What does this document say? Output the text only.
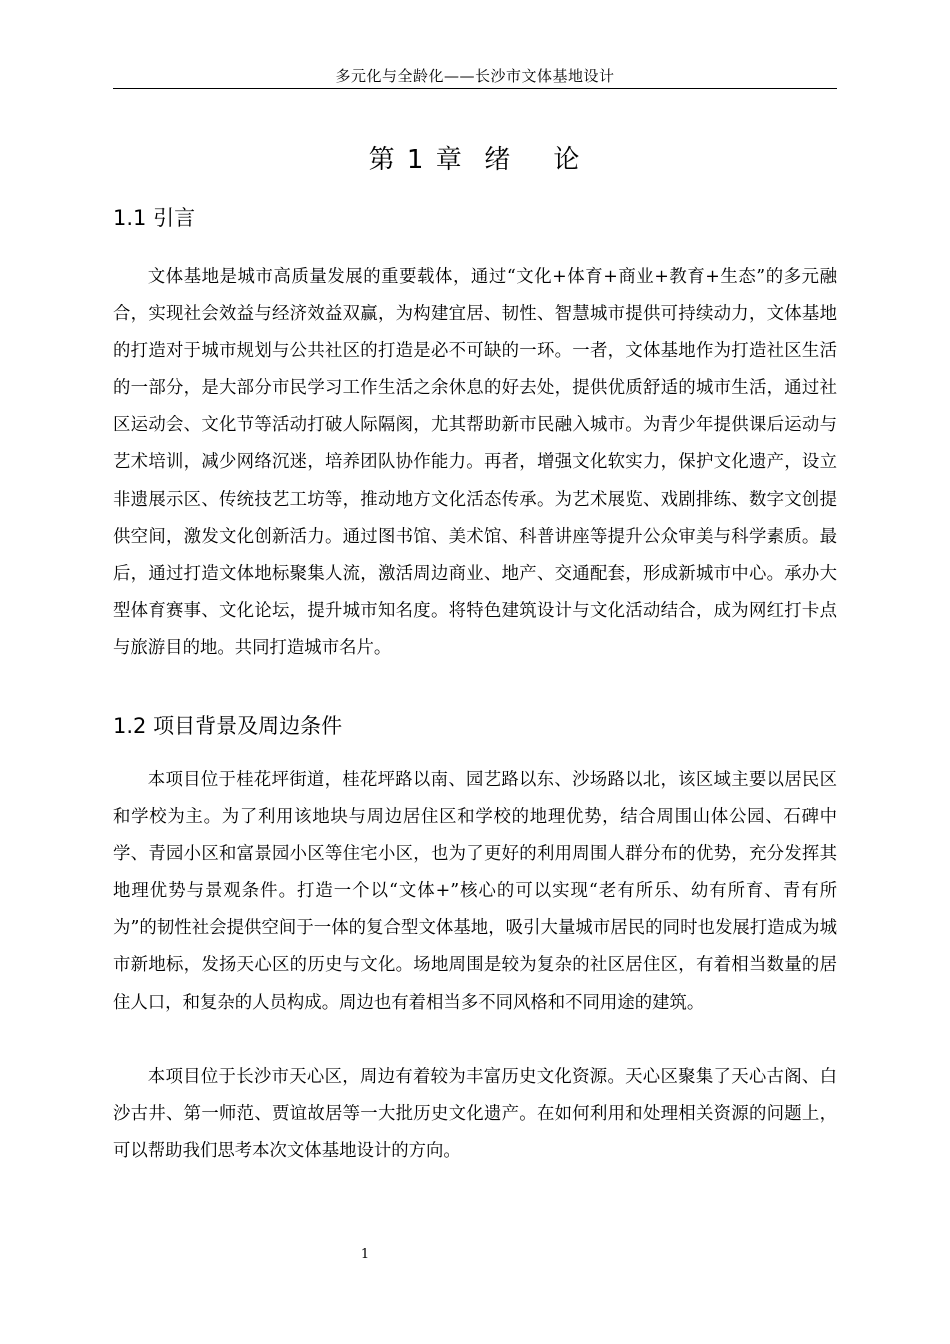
多元化与全龄化——长沙市文体基地设计
第 1 章  绪    论
1.1 引言

文体基地是城市高质量发展的重要载体，通过“文化+体育+商业+教育+生态”的多元融合，实现社会效益与经济效益双赢，为构建宜居、韧性、智慧城市提供可持续动力，文体基地的打造对于城市规划与公共社区的打造是必不可缺的一环。一者，文体基地作为打造社区生活的一部分，是大部分市民学习工作生活之余休息的好去处，提供优质舒适的城市生活，通过社区运动会、文化节等活动打破人际隔阂，尤其帮助新市民融入城市。为青少年提供课后运动与艺术培训，减少网络沉迷，培养团队协作能力。再者，增强文化软实力，保护文化遗产，设立非遗展示区、传统技艺工坊等，推动地方文化活态传承。为艺术展览、戏剧排练、数字文创提供空间，激发文化创新活力。通过图书馆、美术馆、科普讲座等提升公众审美与科学素质。最后，通过打造文体地标聚集人流，激活周边商业、地产、交通配套，形成新城市中心。承办大型体育赛事、文化论坛，提升城市知名度。将特色建筑设计与文化活动结合，成为网红打卡点与旅游目的地。共同打造城市名片。

1.2 项目背景及周边条件

本项目位于桂花坪街道，桂花坪路以南、园艺路以东、沙场路以北，该区域主要以居民区和学校为主。为了利用该地块与周边居住区和学校的地理优势，结合周围山体公园、石碑中学、青园小区和富景园小区等住宅小区，也为了更好的利用周围人群分布的优势，充分发挥其地理优势与景观条件。打造一个以“文体+”核心的可以实现“老有所乐、幼有所育、青有所为”的韧性社会提供空间于一体的复合型文体基地，吸引大量城市居民的同时也发展打造成为城市新地标，发扬天心区的历史与文化。场地周围是较为复杂的社区居住区，有着相当数量的居住人口，和复杂的人员构成。周边也有着相当多不同风格和不同用途的建筑。

本项目位于长沙市天心区，周边有着较为丰富历史文化资源。天心区聚集了天心古阁、白沙古井、第一师范、贾谊故居等一大批历史文化遗产。在如何利用和处理相关资源的问题上，可以帮助我们思考本次文体基地设计的方向。

1
